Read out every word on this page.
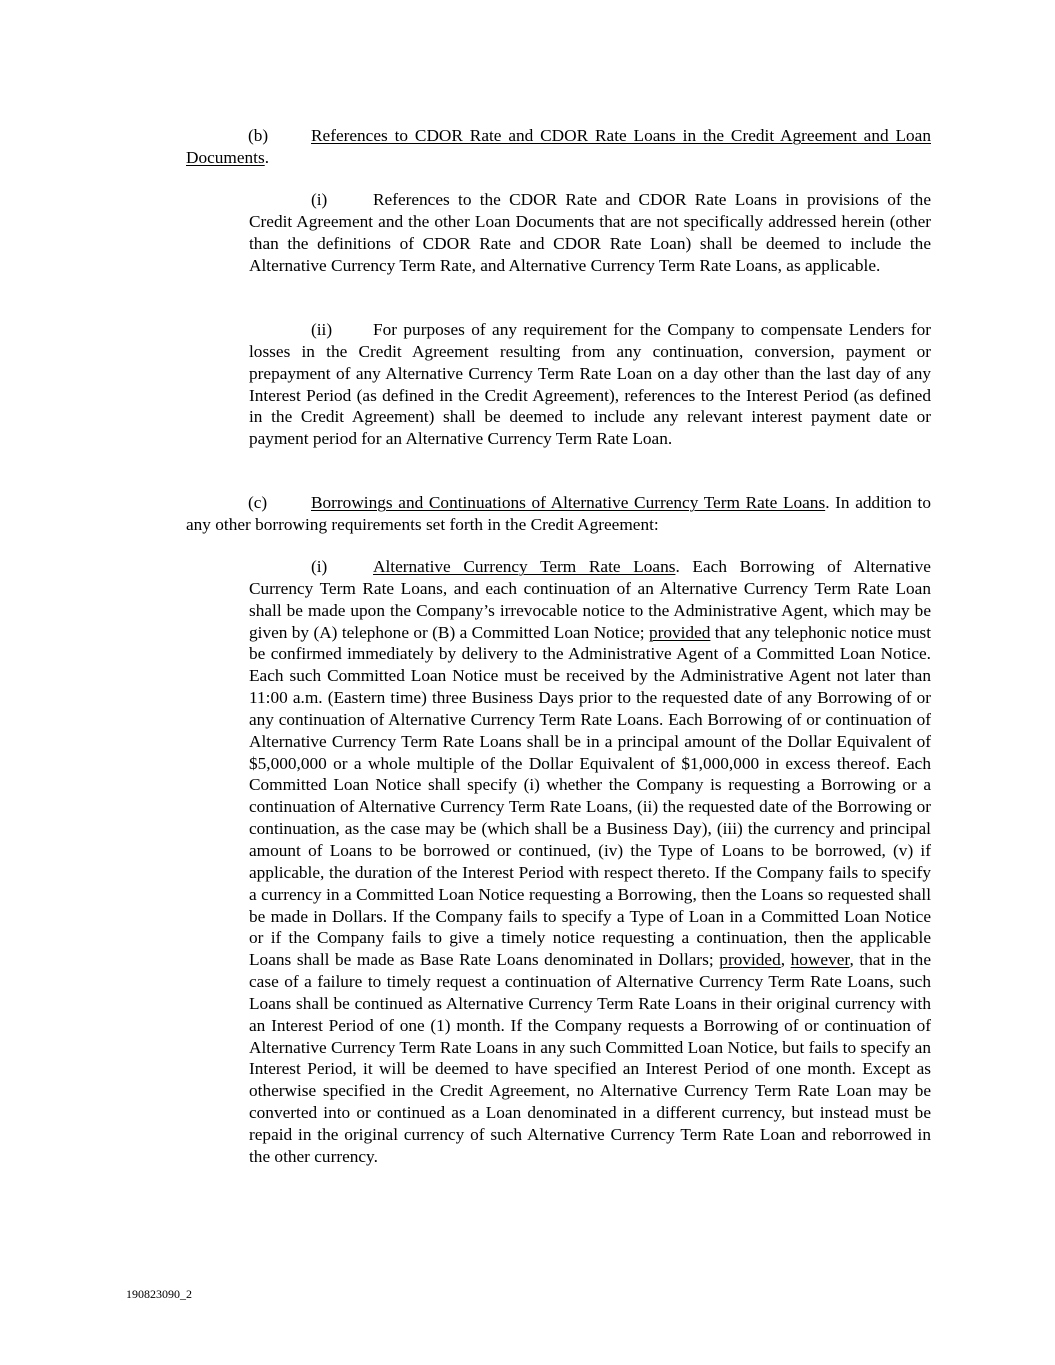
(b) References to CDOR Rate and CDOR Rate Loans in the Credit Agreement and Loan Documents.

(i)	References to the CDOR Rate and CDOR Rate Loans in provisions of the Credit Agreement and the other Loan Documents that are not specifically addressed herein (other than the definitions of CDOR Rate and CDOR Rate Loan) shall be deemed to include the Alternative Currency Term Rate, and Alternative Currency Term Rate Loans, as applicable.

(ii) For purposes of any requirement for the Company to compensate Lenders for losses in the Credit Agreement resulting from any continuation, conversion, payment or prepayment of any Alternative Currency Term Rate Loan on a day other than the last day of any Interest Period (as defined in the Credit Agreement), references to the Interest Period (as defined in the Credit Agreement) shall be deemed to include any relevant interest payment date or payment period for an Alternative Currency Term Rate Loan.

(c)	Borrowings and Continuations of Alternative Currency Term Rate Loans. In addition to any other borrowing requirements set forth in the Credit Agreement:

(i)	Alternative Currency Term Rate Loans. Each Borrowing of Alternative Currency Term Rate Loans, and each continuation of an Alternative Currency Term Rate Loan shall be made upon the Company’s irrevocable notice to the Administrative Agent, which may be given by (A) telephone or (B) a Committed Loan Notice; provided that any telephonic notice must be confirmed immediately by delivery to the Administrative Agent of a Committed Loan Notice. Each such Committed Loan Notice must be received by the Administrative Agent not later than 11:00 a.m. (Eastern time) three Business Days prior to the requested date of any Borrowing of or any continuation of Alternative Currency Term Rate Loans. Each Borrowing of or continuation of Alternative Currency Term Rate Loans shall be in a principal amount of the Dollar Equivalent of $5,000,000 or a whole multiple of the Dollar Equivalent of $1,000,000 in excess thereof. Each Committed Loan Notice shall specify (i) whether the Company is requesting a Borrowing or a continuation of Alternative Currency Term Rate Loans, (ii) the requested date of the Borrowing or continuation, as the case may be (which shall be a Business Day), (iii) the currency and principal amount of Loans to be borrowed or continued, (iv) the Type of Loans to be borrowed, (v) if applicable, the duration of the Interest Period with respect thereto. If the Company fails to specify a currency in a Committed Loan Notice requesting a Borrowing, then the Loans so requested shall be made in Dollars. If the Company fails to specify a Type of Loan in a Committed Loan Notice or if the Company fails to give a timely notice requesting a continuation, then the applicable Loans shall be made as Base Rate Loans denominated in Dollars; provided, however, that in the case of a failure to timely request a continuation of Alternative Currency Term Rate Loans, such Loans shall be continued as Alternative Currency Term Rate Loans in their original currency with an Interest Period of one (1) month. If the Company requests a Borrowing of or continuation of Alternative Currency Term Rate Loans in any such Committed Loan Notice, but fails to specify an Interest Period, it will be deemed to have specified an Interest Period of one month. Except as otherwise specified in the Credit Agreement, no Alternative Currency Term Rate Loan may be converted into or continued as a Loan denominated in a different currency, but instead must be repaid in the original currency of such Alternative Currency Term Rate Loan and reborrowed in the other currency.

190823090_2
